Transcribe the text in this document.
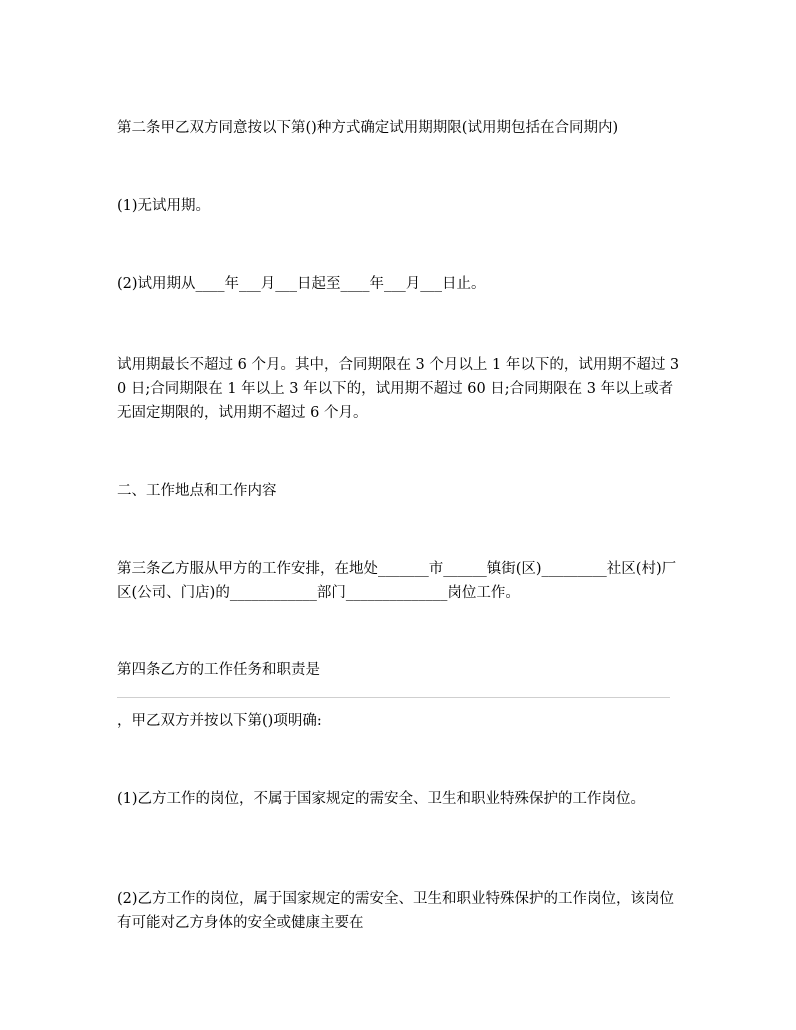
第二条甲乙双方同意按以下第()种方式确定试用期期限(试用期包括在合同期内)
(1)无试用期。
(2)试用期从____年___月___日起至____年___月___日止。
试用期最长不超过 6 个月。其中，合同期限在 3 个月以上 1 年以下的，试用期不超过 30 日;合同期限在 1 年以上 3 年以下的，试用期不超过 60 日;合同期限在 3 年以上或者无固定期限的，试用期不超过 6 个月。
二、工作地点和工作内容
第三条乙方服从甲方的工作安排，在地处_______市______镇街(区)_________社区(村)厂区(公司、门店)的____________部门______________岗位工作。
第四条乙方的工作任务和职责是
，甲乙双方并按以下第()项明确:
(1)乙方工作的岗位，不属于国家规定的需安全、卫生和职业特殊保护的工作岗位。
(2)乙方工作的岗位，属于国家规定的需安全、卫生和职业特殊保护的工作岗位，该岗位有可能对乙方身体的安全或健康主要在
